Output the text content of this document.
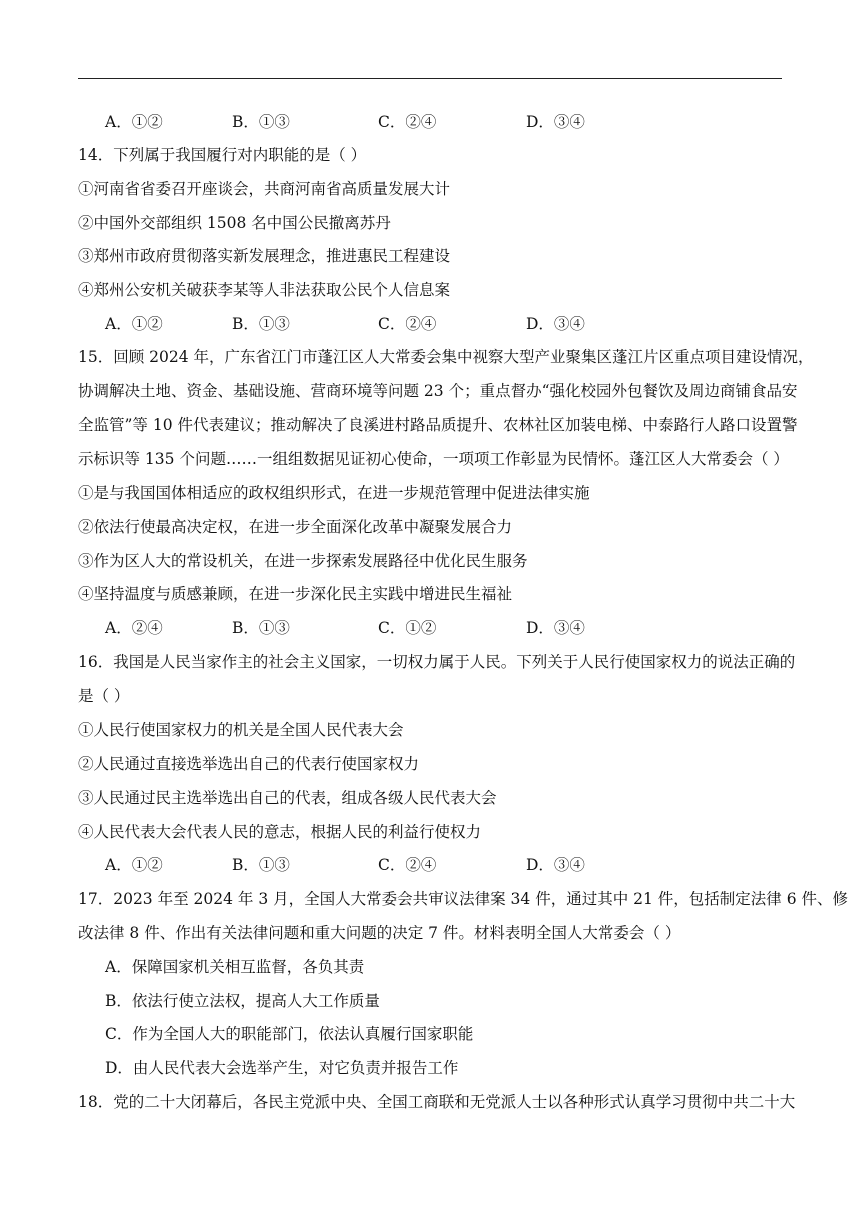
A．①②	B．①③	C．②④	D．③④
14．下列属于我国履行对内职能的是（ ）
①河南省省委召开座谈会，共商河南省高质量发展大计
②中国外交部组织 1508 名中国公民撤离苏丹
③郑州市政府贯彻落实新发展理念，推进惠民工程建设
④郑州公安机关破获李某等人非法获取公民个人信息案
A．①②	B．①③	C．②④	D．③④
15．回顾 2024 年，广东省江门市蓬江区人大常委会集中视察大型产业聚集区蓬江片区重点项目建设情况，
协调解决土地、资金、基础设施、营商环境等问题 23 个；重点督办“强化校园外包餐饮及周边商铺食品安
全监管”等 10 件代表建议；推动解决了良溪进村路品质提升、农林社区加装电梯、中泰路行人路口设置警
示标识等 135 个问题……一组组数据见证初心使命，一项项工作彰显为民情怀。蓬江区人大常委会（ ）
①是与我国国体相适应的政权组织形式，在进一步规范管理中促进法律实施
②依法行使最高决定权，在进一步全面深化改革中凝聚发展合力
③作为区人大的常设机关，在进一步探索发展路径中优化民生服务
④坚持温度与质感兼顾，在进一步深化民主实践中增进民生福祉
A．②④	B．①③	C．①②	D．③④
16．我国是人民当家作主的社会主义国家，一切权力属于人民。下列关于人民行使国家权力的说法正确的
是（ ）
①人民行使国家权力的机关是全国人民代表大会
②人民通过直接选举选出自己的代表行使国家权力
③人民通过民主选举选出自己的代表，组成各级人民代表大会
④人民代表大会代表人民的意志，根据人民的利益行使权力
A．①②	B．①③	C．②④	D．③④
17．2023 年至 2024 年 3 月，全国人大常委会共审议法律案 34 件，通过其中 21 件，包括制定法律 6 件、修
改法律 8 件、作出有关法律问题和重大问题的决定 7 件。材料表明全国人大常委会（ ）
A．保障国家机关相互监督，各负其责
B．依法行使立法权，提高人大工作质量
C．作为全国人大的职能部门，依法认真履行国家职能
D．由人民代表大会选举产生，对它负责并报告工作
18．党的二十大闭幕后，各民主党派中央、全国工商联和无党派人士以各种形式认真学习贯彻中共二十大
